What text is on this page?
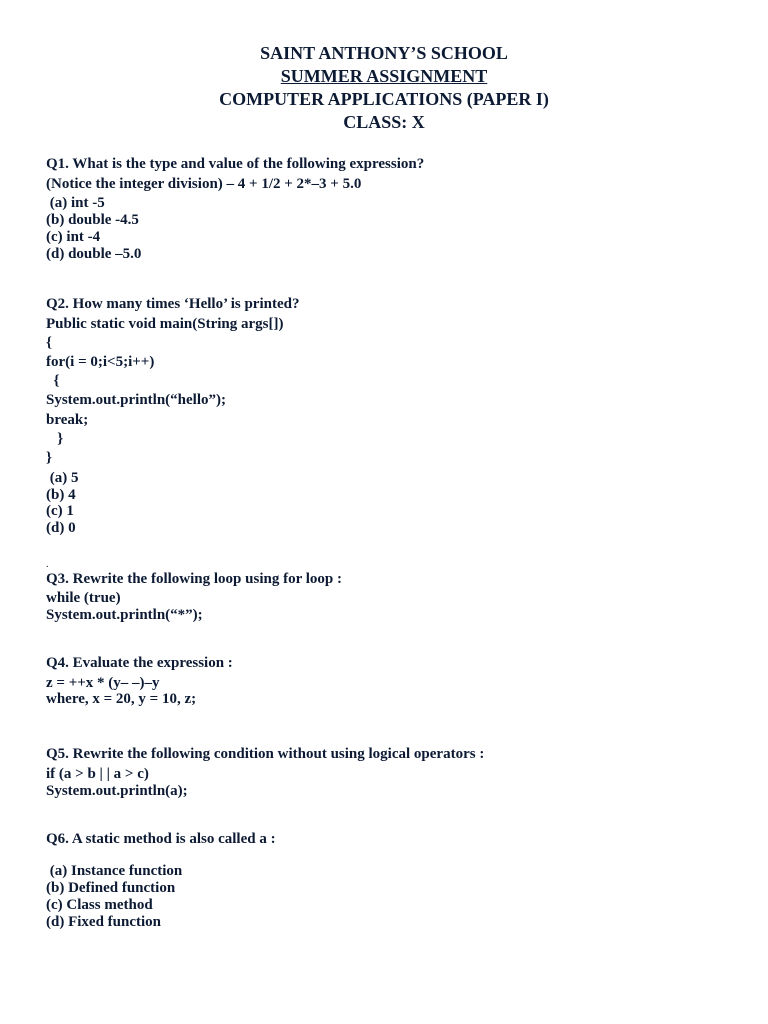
SAINT ANTHONY’S SCHOOL
SUMMER ASSIGNMENT
COMPUTER APPLICATIONS (PAPER I)
CLASS: X
Q1. What is the type and value of the following expression?
(Notice the integer division) – 4 + 1/2 + 2*–3 + 5.0
(a) int -5
(b) double -4.5
(c) int -4
(d) double –5.0
Q2. How many times ‘Hello’ is printed?
Public static void main(String args[])
{
for(i = 0;i<5;i++)
{
System.out.println(“hello”);
break;
}
}
(a) 5
(b) 4
(c) 1
(d) 0
.
Q3. Rewrite the following loop using for loop :
while (true)
System.out.println(“*”);
Q4. Evaluate the expression :
z = ++x * (y– –)–y
where, x = 20, y = 10, z;
Q5. Rewrite the following condition without using logical operators :
if (a > b | | a > c)
System.out.println(a);
Q6. A static method is also called a :
(a) Instance function
(b) Defined function
(c) Class method
(d) Fixed function
